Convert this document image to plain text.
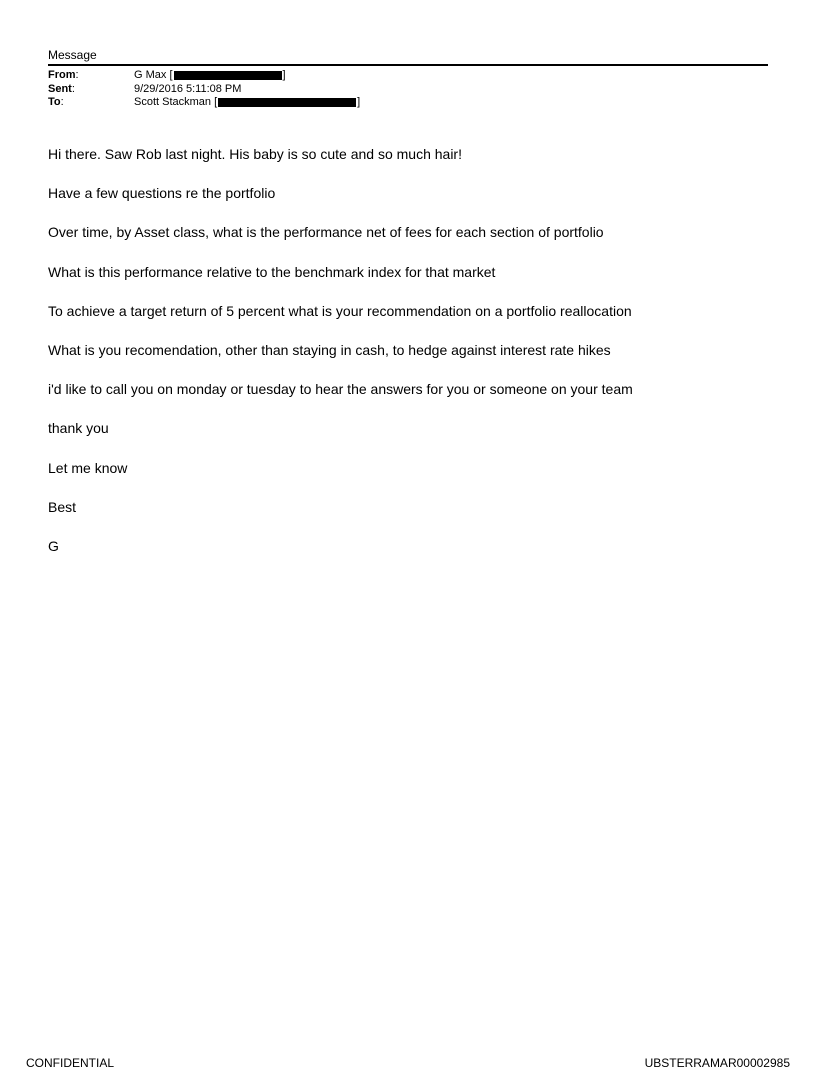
Message
From:	G Max [	]
Sent:	9/29/2016 5:11:08 PM
To:	Scott Stackman [	]
Hi there. Saw Rob last night. His baby is so cute and so much hair!
Have a few questions re the portfolio
Over time, by Asset class, what is the performance net of fees for each section of portfolio
What is this performance relative to the benchmark index for that market
To achieve a target return of 5 percent what is your recommendation on a portfolio reallocation
What is you recomendation, other than staying in cash, to hedge against interest rate hikes
i'd like to call you on monday or tuesday to hear the answers for you or someone on your team
thank you
Let me know
Best
G
CONFIDENTIAL	UBSTERRAMAR00002985
